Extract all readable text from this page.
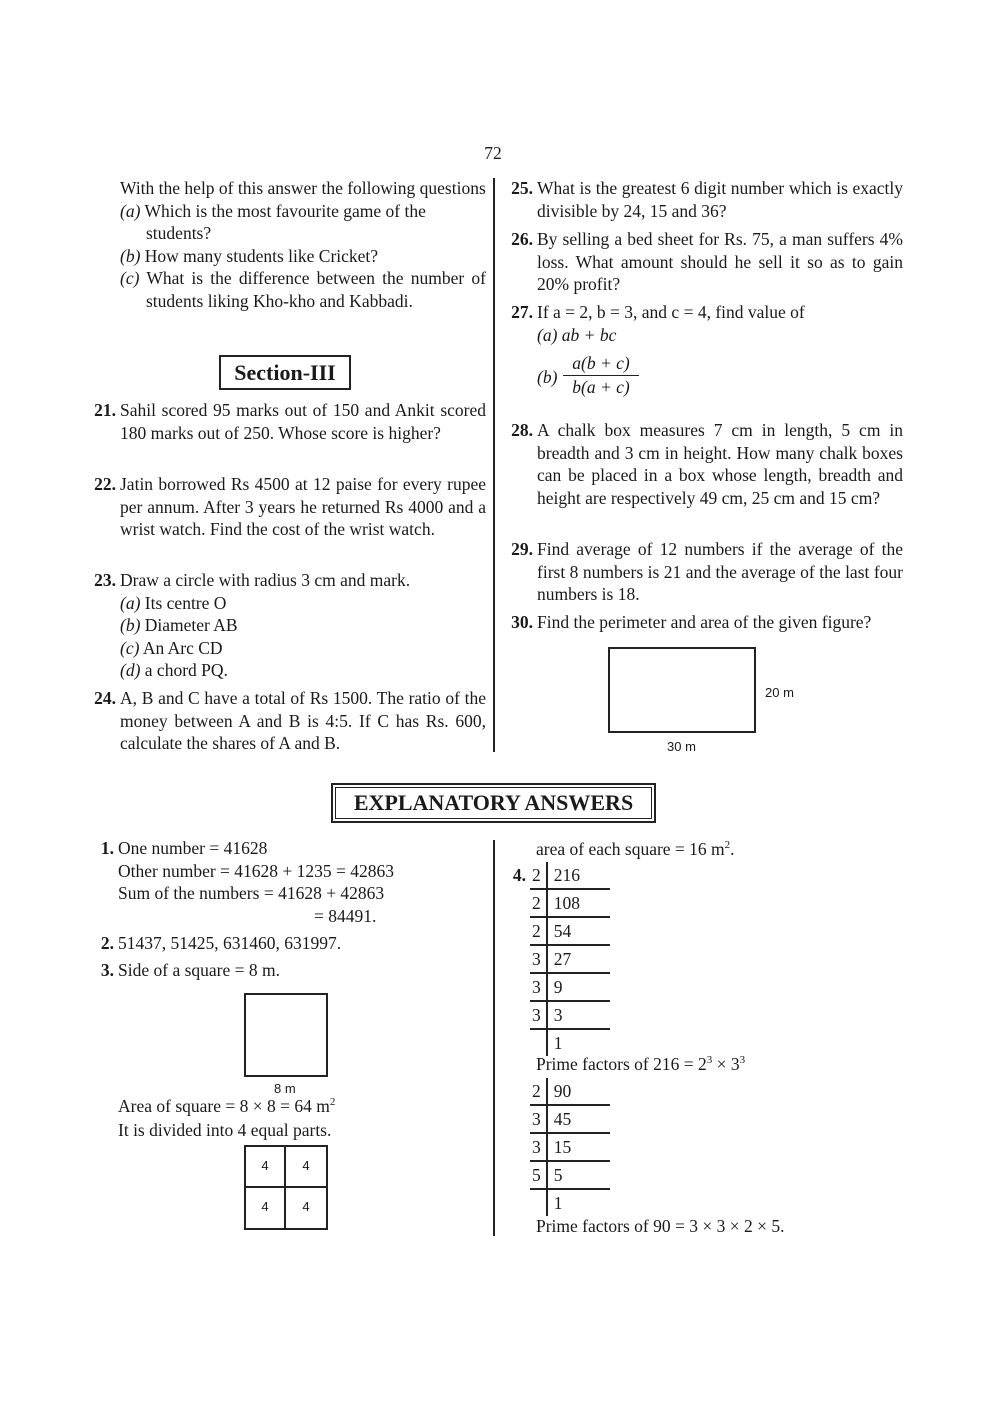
72
With the help of this answer the following questions
(a) Which is the most favourite game of the students?
(b) How many students like Cricket?
(c) What is the difference between the number of students liking Kho-kho and Kabbadi.
Section-III
21. Sahil scored 95 marks out of 150 and Ankit scored 180 marks out of 250. Whose score is higher?
22. Jatin borrowed Rs 4500 at 12 paise for every rupee per annum. After 3 years he returned Rs 4000 and a wrist watch. Find the cost of the wrist watch.
23. Draw a circle with radius 3 cm and mark.
(a) Its centre O
(b) Diameter AB
(c) An Arc CD
(d) a chord PQ.
24. A, B and C have a total of Rs 1500. The ratio of the money between A and B is 4:5. If C has Rs. 600, calculate the shares of A and B.
25. What is the greatest 6 digit number which is exactly divisible by 24, 15 and 36?
26. By selling a bed sheet for Rs. 75, a man suffers 4% loss. What amount should he sell it so as to gain 20% profit?
27. If a = 2, b = 3, and c = 4, find value of
(a) ab + bc
(b)
a(b + c)
b(a + c)
28. A chalk box measures 7 cm in length, 5 cm in breadth and 3 cm in height. How many chalk boxes can be placed in a box whose length, breadth and height are respectively 49 cm, 25 cm and 15 cm?
29. Find average of 12 numbers if the average of the first 8 numbers is 21 and the average of the last four numbers is 18.
30. Find the perimeter and area of the given figure?
20 m
30 m
EXPLANATORY ANSWERS
1. One number = 41628
Other number = 41628 + 1235 = 42863
Sum of the numbers = 41628 + 42863
= 84491.
2. 51437, 51425, 631460, 631997.
3. Side of a square = 8 m.
8 m
Area of square = 8 × 8 = 64 $m^2$
It is divided into 4 equal parts.
4	4
4	4
area of each square = 16 $m^2$.
4. 2	216
2	108
2	54
3	27
3	9
3	3
	1
Prime factors of $216 = 2^3 \times 3^3$
2	90
3	45
3	15
5	5
	1
Prime factors of 90 = 3 × 3 × 2 × 5.
